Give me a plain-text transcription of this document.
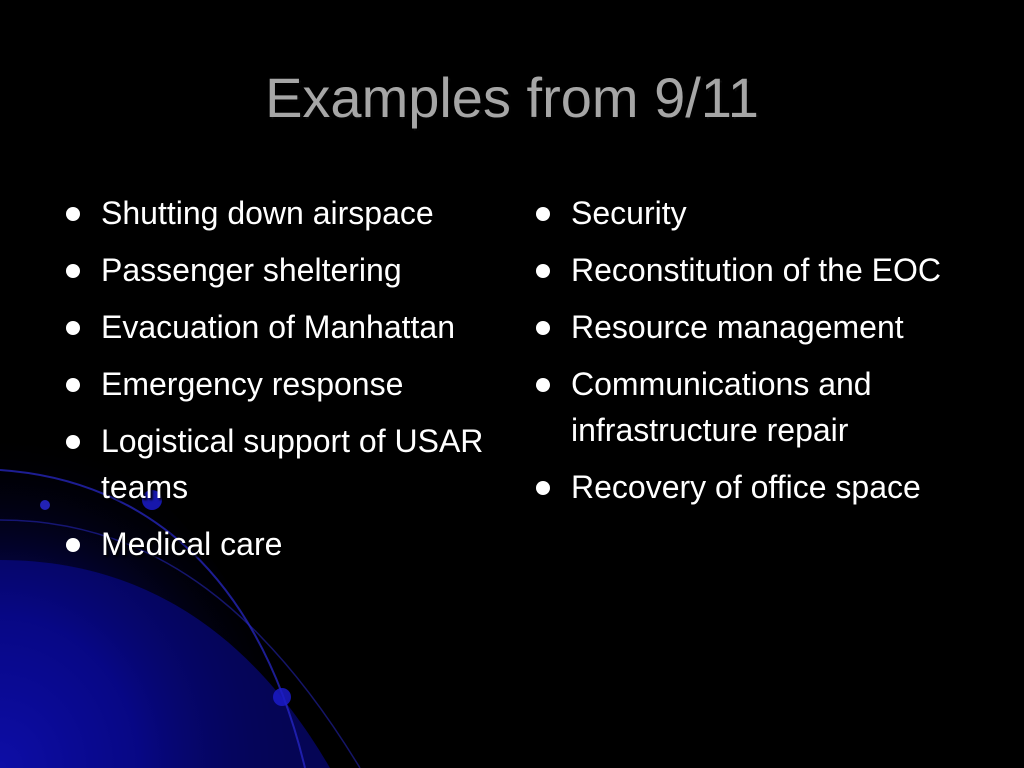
Examples from 9/11
Shutting down airspace
Passenger sheltering
Evacuation of Manhattan
Emergency response
Logistical support of USAR teams
Medical care
Security
Reconstitution of the EOC
Resource management
Communications and infrastructure repair
Recovery of office space
